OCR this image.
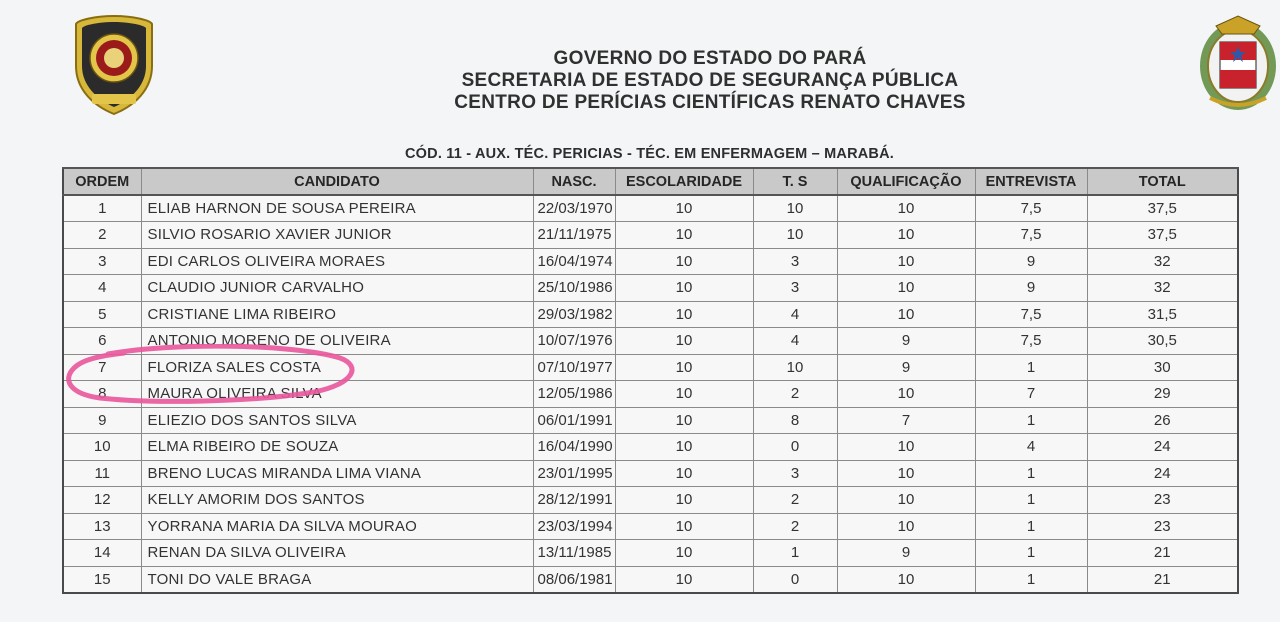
GOVERNO DO ESTADO DO PARÁ
SECRETARIA DE ESTADO DE SEGURANÇA PÚBLICA
CENTRO DE PERÍCIAS CIENTÍFICAS RENATO CHAVES
CÓD. 11 - AUX. TÉC. PERICIAS - TÉC. EM ENFERMAGEM – MARABÁ.
ORDEM	CANDIDATO	NASC.	ESCOLARIDADE	T. S	QUALIFICAÇÃO	ENTREVISTA	TOTAL
1	ELIAB HARNON DE SOUSA PEREIRA	22/03/1970	10	10	10	7,5	37,5
2	SILVIO ROSARIO XAVIER JUNIOR	21/11/1975	10	10	10	7,5	37,5
3	EDI CARLOS OLIVEIRA MORAES	16/04/1974	10	3	10	9	32
4	CLAUDIO JUNIOR CARVALHO	25/10/1986	10	3	10	9	32
5	CRISTIANE LIMA RIBEIRO	29/03/1982	10	4	10	7,5	31,5
6	ANTONIO MORENO DE OLIVEIRA	10/07/1976	10	4	9	7,5	30,5
7	FLORIZA SALES COSTA	07/10/1977	10	10	9	1	30
8	MAURA OLIVEIRA SILVA	12/05/1986	10	2	10	7	29
9	ELIEZIO DOS SANTOS SILVA	06/01/1991	10	8	7	1	26
10	ELMA RIBEIRO DE SOUZA	16/04/1990	10	0	10	4	24
11	BRENO LUCAS MIRANDA LIMA VIANA	23/01/1995	10	3	10	1	24
12	KELLY AMORIM DOS SANTOS	28/12/1991	10	2	10	1	23
13	YORRANA MARIA DA SILVA MOURAO	23/03/1994	10	2	10	1	23
14	RENAN DA SILVA OLIVEIRA	13/11/1985	10	1	9	1	21
15	TONI DO VALE BRAGA	08/06/1981	10	0	10	1	21
